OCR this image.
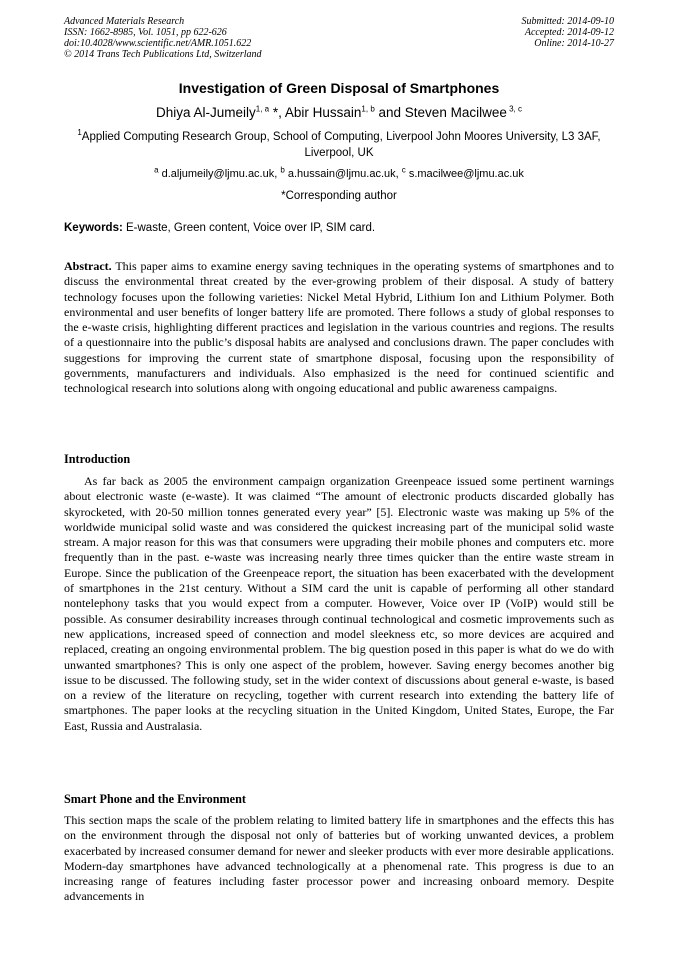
Advanced Materials Research
ISSN: 1662-8985, Vol. 1051, pp 622-626
doi:10.4028/www.scientific.net/AMR.1051.622
© 2014 Trans Tech Publications Ltd, Switzerland
Submitted: 2014-09-10
Accepted: 2014-09-12
Online: 2014-10-27
Investigation of Green Disposal of Smartphones
Dhiya Al-Jumeily$^{1, a}$ *, Abir Hussain$^{1, b}$ and Steven Macilwee $^{3, c}$
$^1$Applied Computing Research Group, School of Computing, Liverpool John Moores University, L3 3AF, Liverpool, UK
$^a$ d.aljumeily@ljmu.ac.uk, $^b$ a.hussain@ljmu.ac.uk, $^c$ s.macilwee@ljmu.ac.uk
*Corresponding author
Keywords: E-waste, Green content, Voice over IP, SIM card.
Abstract. This paper aims to examine energy saving techniques in the operating systems of smartphones and to discuss the environmental threat created by the ever-growing problem of their disposal. A study of battery technology focuses upon the following varieties: Nickel Metal Hybrid, Lithium Ion and Lithium Polymer. Both environmental and user benefits of longer battery life are promoted. There follows a study of global responses to the e-waste crisis, highlighting different practices and legislation in the various countries and regions. The results of a questionnaire into the public’s disposal habits are analysed and conclusions drawn. The paper concludes with suggestions for improving the current state of smartphone disposal, focusing upon the responsibility of governments, manufacturers and individuals. Also emphasized is the need for continued scientific and technological research into solutions along with ongoing educational and public awareness campaigns.
Introduction
As far back as 2005 the environment campaign organization Greenpeace issued some pertinent warnings about electronic waste (e-waste). It was claimed “The amount of electronic products discarded globally has skyrocketed, with 20-50 million tonnes generated every year” [5]. Electronic waste was making up 5% of the worldwide municipal solid waste and was considered the quickest increasing part of the municipal solid waste stream. A major reason for this was that consumers were upgrading their mobile phones and computers etc. more frequently than in the past. e-waste was increasing nearly three times quicker than the entire waste stream in Europe. Since the publication of the Greenpeace report, the situation has been exacerbated with the development of smartphones in the 21st century. Without a SIM card the unit is capable of performing all other standard nontelephony tasks that you would expect from a computer. However, Voice over IP (VoIP) would still be possible. As consumer desirability increases through continual technological and cosmetic improvements such as new applications, increased speed of connection and model sleekness etc, so more devices are acquired and replaced, creating an ongoing environmental problem. The big question posed in this paper is what do we do with unwanted smartphones? This is only one aspect of the problem, however. Saving energy becomes another big issue to be discussed. The following study, set in the wider context of discussions about general e-waste, is based on a review of the literature on recycling, together with current research into extending the battery life of smartphones. The paper looks at the recycling situation in the United Kingdom, United States, Europe, the Far East, Russia and Australasia.
Smart Phone and the Environment
This section maps the scale of the problem relating to limited battery life in smartphones and the effects this has on the environment through the disposal not only of batteries but of working unwanted devices, a problem exacerbated by increased consumer demand for newer and sleeker products with ever more desirable applications. Modern-day smartphones have advanced technologically at a phenomenal rate. This progress is due to an increasing range of features including faster processor power and increasing onboard memory. Despite advancements in
